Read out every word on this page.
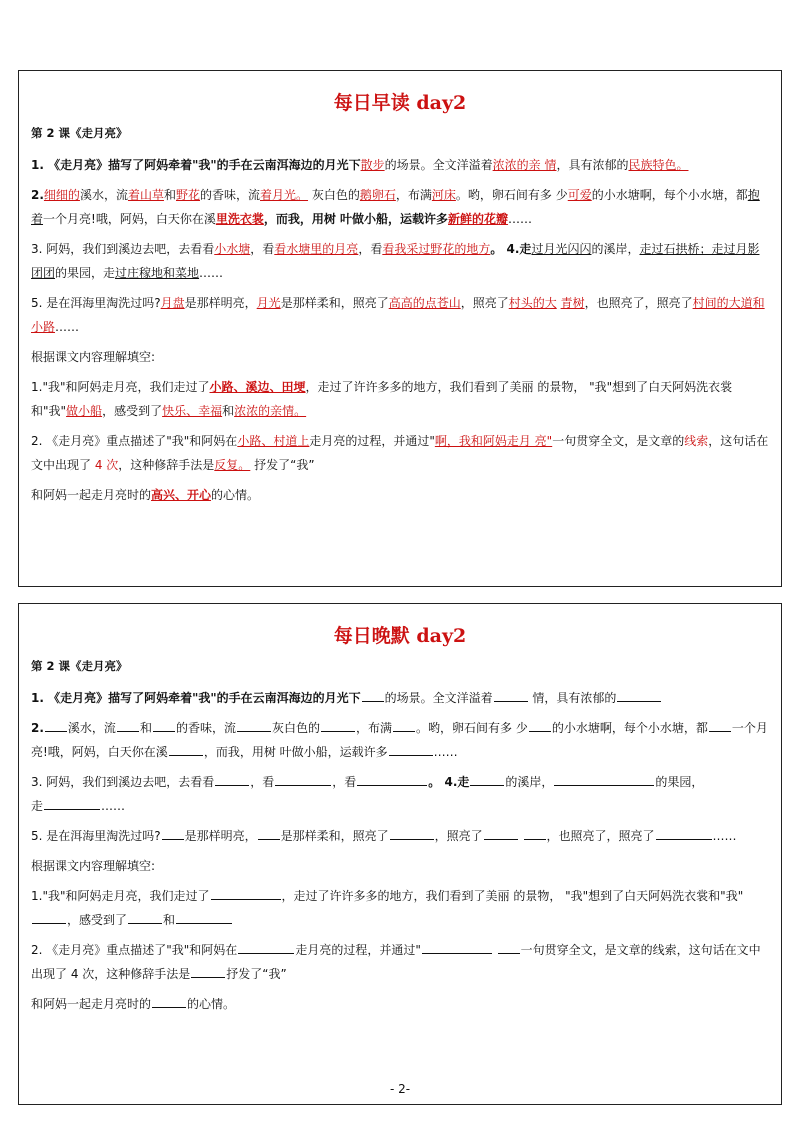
每日早读 day2
第 2 课《走月亮》
1. 《走月亮》描写了阿妈牵着"我"的手在云南洱海边的月光下散步的场景。全文洋溢着浓浓的亲 情，具有浓郁的民族特色。
2.细细的溪水，流着山草和野花的香味，流着月光。 灰白色的鹅卵石，布满河床。哟，卵石间有多 少可爱的小水塘啊，每个小水塘，都抱着一个月亮!哦，阿妈，白天你在溪里洗衣裳，而我，用树 叶做小船，运载许多新鲜的花瓣……
3. 阿妈，我们到溪边去吧，去看看小水塘，看看水塘里的月亮，看看我采过野花的地方。 4.走过月光闪闪的溪岸，走过石拱桥；走过月影团团的果园，走过庄稼地和菜地……
5. 是在洱海里淘洗过吗?月盘是那样明亮，月光是那样柔和，照亮了高高的点苍山，照亮了村头的大 青树，也照亮了，照亮了村间的大道和小路……
根据课文内容理解填空:
1."我"和阿妈走月亮，我们走过了小路、溪边、田埂，走过了许许多多的地方，我们看到了美丽 的景物， "我"想到了白天阿妈洗衣裳和"我"做小船，感受到了快乐、幸福和浓浓的亲情。
2. 《走月亮》重点描述了"我"和阿妈在小路、村道上走月亮的过程，并通过"啊，我和阿妈走月 亮"一句贯穿全文，是文章的线索，这句话在文中出现了 4 次，这种修辞手法是反复。 抒发了“我”
和阿妈一起走月亮时的高兴、开心的心情。
每日晚默 day2
第 2 课《走月亮》
1. 《走月亮》描写了阿妈牵着"我"的手在云南洱海边的月光下 的场景。全文洋溢着	情，具有浓郁的
2. 溪水，流 和 的香味，流	灰白色的	，布满 。哟，卵石间有多 少 的小水塘啊，每个小水塘，都 一个月亮!哦，阿妈，白天你在溪	，而我，用树 叶做小船，运载许多	……
3. 阿妈，我们到溪边去吧，去看看	，看	，看	。 4.走	的溪岸，	的果园，
走	……
5. 是在洱海里淘洗过吗? 是那样明亮， 是那样柔和，照亮了	，照亮了	，也照亮了，照亮了	……
根据课文内容理解填空:
1."我"和阿妈走月亮，我们走过了	，走过了许许多多的地方，我们看到了美丽 的景物， "我"想到了白天阿妈洗衣裳和"我"，感受到了	和
2. 《走月亮》重点描述了"我"和阿妈在	走月亮的过程，并通过"	一句贯穿全文，是文章的线索，这句话在文中出现了 4 次，这种修辞手法是	抒发了“我”
和阿妈一起走月亮时的	的心情。
- 2-
